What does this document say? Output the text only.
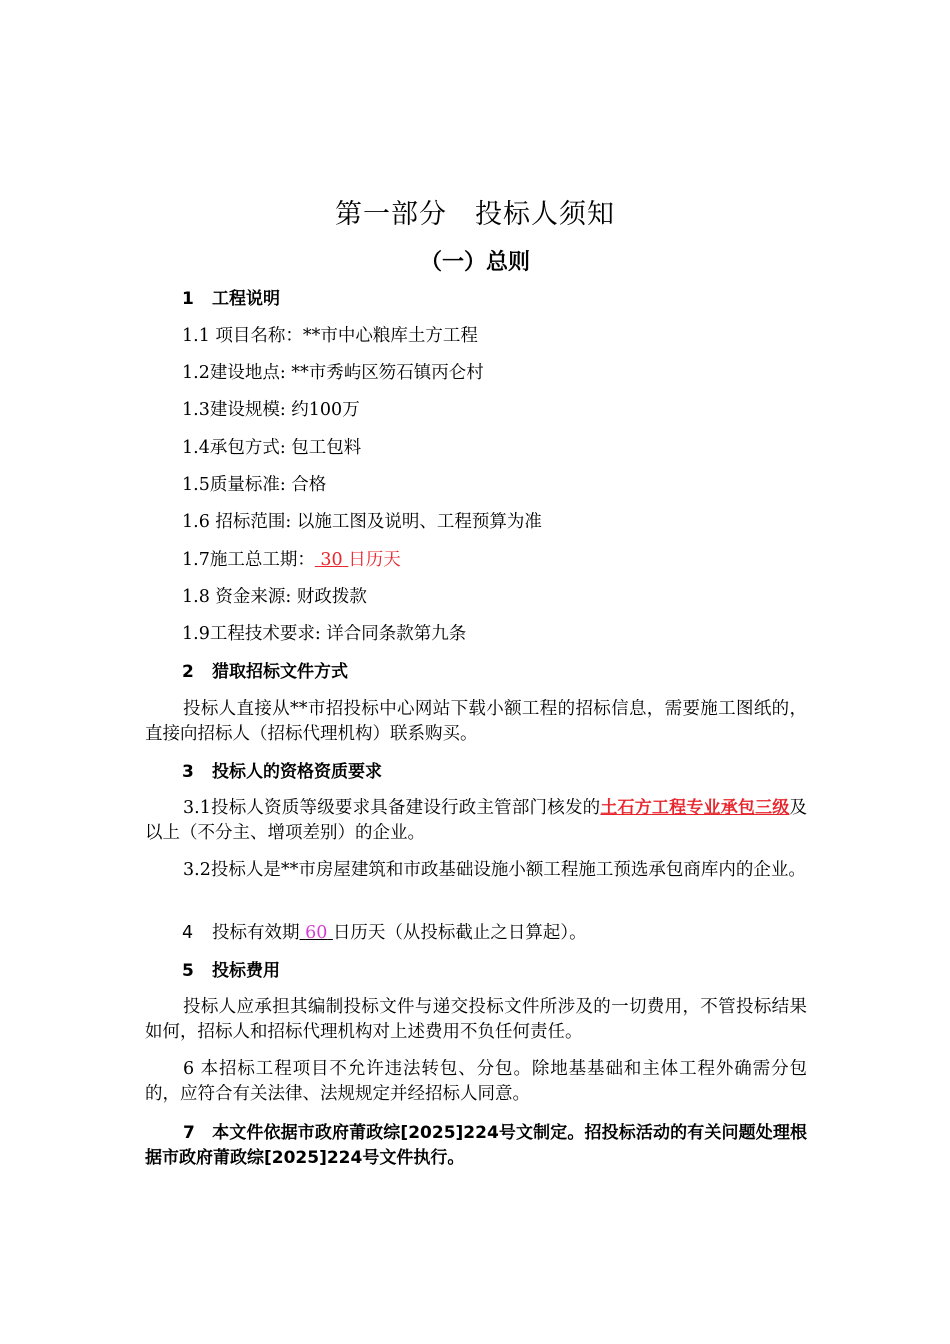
第一部分 投标人须知
（一）总则
1 工程说明
1.1 项目名称：**市中心粮库土方工程
1.2建设地点: **市秀屿区笏石镇丙仑村
1.3建设规模: 约100万
1.4承包方式: 包工包料
1.5质量标准: 合格
1.6 招标范围: 以施工图及说明、工程预算为准
1.7施工总工期： 30 日历天
1.8 资金来源: 财政拨款
1.9工程技术要求: 详合同条款第九条
2 猎取招标文件方式
投标人直接从**市招投标中心网站下载小额工程的招标信息，需要施工图纸的，直接向招标人（招标代理机构）联系购买。
3 投标人的资格资质要求
3.1投标人资质等级要求具备建设行政主管部门核发的土石方工程专业承包三级及以上（不分主、增项差别）的企业。
3.2投标人是**市房屋建筑和市政基础设施小额工程施工预选承包商库内的企业。
4 投标有效期 60 日历天（从投标截止之日算起）。
5 投标费用
投标人应承担其编制投标文件与递交投标文件所涉及的一切费用，不管投标结果如何，招标人和招标代理机构对上述费用不负任何责任。
6 本招标工程项目不允许违法转包、分包。除地基基础和主体工程外确需分包的，应符合有关法律、法规规定并经招标人同意。
7　本文件依据市政府莆政综[2025]224号文制定。招投标活动的有关问题处理根据市政府莆政综[2025]224号文件执行。
